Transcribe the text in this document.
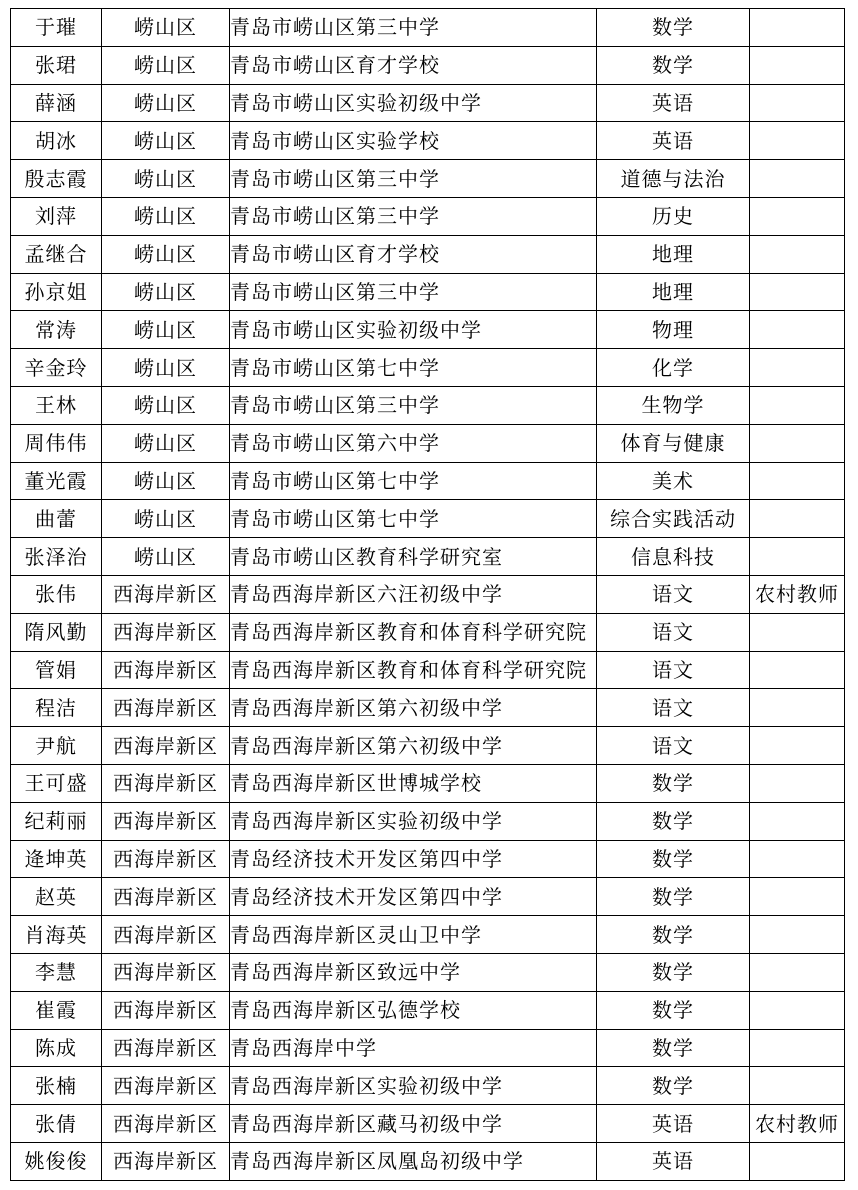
于璀	崂山区	青岛市崂山区第三中学	数学	
张珺	崂山区	青岛市崂山区育才学校	数学	
薛涵	崂山区	青岛市崂山区实验初级中学	英语	
胡冰	崂山区	青岛市崂山区实验学校	英语	
殷志霞	崂山区	青岛市崂山区第三中学	道德与法治	
刘萍	崂山区	青岛市崂山区第三中学	历史	
孟继合	崂山区	青岛市崂山区育才学校	地理	
孙京姐	崂山区	青岛市崂山区第三中学	地理	
常涛	崂山区	青岛市崂山区实验初级中学	物理	
辛金玲	崂山区	青岛市崂山区第七中学	化学	
王林	崂山区	青岛市崂山区第三中学	生物学	
周伟伟	崂山区	青岛市崂山区第六中学	体育与健康	
董光霞	崂山区	青岛市崂山区第七中学	美术	
曲蕾	崂山区	青岛市崂山区第七中学	综合实践活动	
张泽治	崂山区	青岛市崂山区教育科学研究室	信息科技	
张伟	西海岸新区	青岛西海岸新区六汪初级中学	语文	农村教师
隋风勤	西海岸新区	青岛西海岸新区教育和体育科学研究院	语文	
管娟	西海岸新区	青岛西海岸新区教育和体育科学研究院	语文	
程洁	西海岸新区	青岛西海岸新区第六初级中学	语文	
尹航	西海岸新区	青岛西海岸新区第六初级中学	语文	
王可盛	西海岸新区	青岛西海岸新区世博城学校	数学	
纪莉丽	西海岸新区	青岛西海岸新区实验初级中学	数学	
逄坤英	西海岸新区	青岛经济技术开发区第四中学	数学	
赵英	西海岸新区	青岛经济技术开发区第四中学	数学	
肖海英	西海岸新区	青岛西海岸新区灵山卫中学	数学	
李慧	西海岸新区	青岛西海岸新区致远中学	数学	
崔霞	西海岸新区	青岛西海岸新区弘德学校	数学	
陈成	西海岸新区	青岛西海岸中学	数学	
张楠	西海岸新区	青岛西海岸新区实验初级中学	数学	
张倩	西海岸新区	青岛西海岸新区藏马初级中学	英语	农村教师
姚俊俊	西海岸新区	青岛西海岸新区凤凰岛初级中学	英语	
